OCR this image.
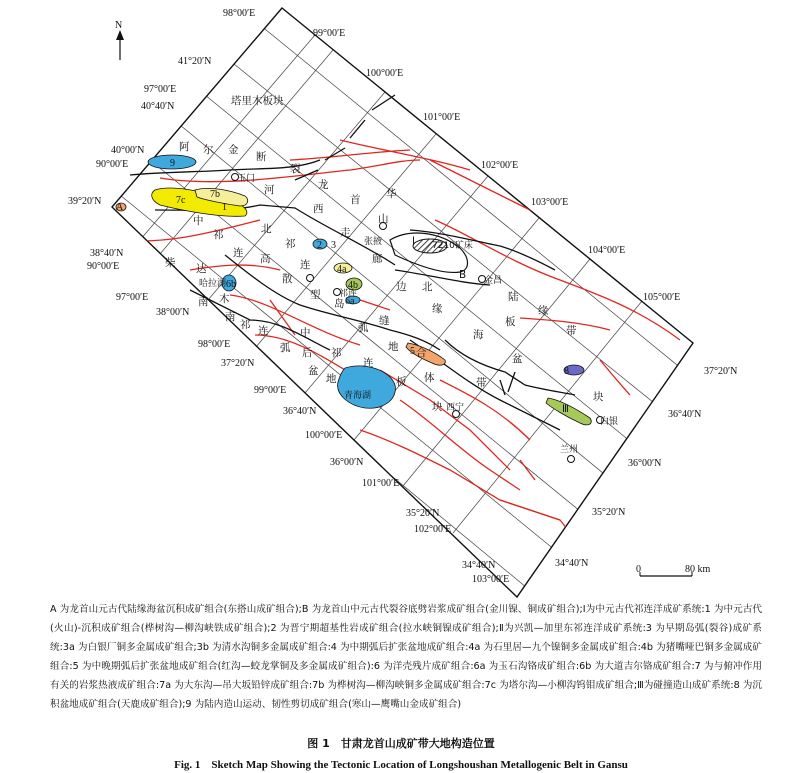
N
0	80 km
98°00′E
99°00′E
100°00′E
101°00′E
102°00′E
103°00′E
104°00′E
105°00′E
41°20′N
97°00′E
40°40′N
40°00′N
90°00′E
39°20′N
38°40′N
90°00′E
97°00′E
38°00′N
98°00′E
37°20′N
99°00′E
36°40′N
100°00′E
36°00′N
101°00′E
35°20′N
102°00′E
34°40′N
103°00′E
37°20′N
36°40′N
36°00′N
35°20′N
34°40′N
塔里木板块
阿 尔 金
断
裂
玉门
河
西
走
廊
龙
首
山
华
张掖	7210矿床
B 金昌
北
边
缘
陆
缘
带
柴 达
木
南
中
祁
连
北
祁
连
高
散
型
岛
弧
祁连
缝
合
体
块
带
海
板
盆
块
哈拉湖
南
祁 连
弧 后
盆
地
中
祁
连
板
地
青海湖
西宁
白银
兰州
9
7c
7b
1
2 3
4a
4b
6a
6b
5
8
A
Ⅲ
Ⅰ
A 为龙首山元古代陆缘海盆沉积成矿组合(东搭山成矿组合);B 为龙首山中元古代裂谷底劈岩浆成矿组合(金川镍、铜成矿组合);Ⅰ为中元古代祁连洋成矿系统:1 为中元古代(火山)-沉积成矿组合(桦树沟—柳沟峡铁成矿组合);2 为晋宁期超基性岩成矿组合(拉水峡铜镍成矿组合);Ⅱ为兴凯—加里东祁连洋成矿系统:3 为早期岛弧(裂谷)成矿系统:3a 为白银厂铜多金属成矿组合;3b 为清水沟铜多金属成矿组合:4 为中期弧后扩张盆地成矿组合:4a 为石里居—九个镍铜多金属成矿组合:4b 为猪嘴哑巴铜多金属成矿组合:5 为中晚期弧后扩张盆地成矿组合(红沟—蛟龙掌铜及多金属成矿组合):6 为洋壳残片成矿组合:6a 为玉石沟铬成矿组合:6b 为大道吉尔铬成矿组合:7 为与俯冲作用有关的岩浆热液成矿组合:7a 为大东沟—吊大坂铅锌成矿组合:7b 为桦树沟—柳沟峡铜多金属成矿组合:7c 为塔尔沟—小柳沟钨钼成矿组合;Ⅲ为碰撞造山成矿系统:8 为沉积盆地成矿组合(天鹿成矿组合);9 为陆内造山运动、韧性剪切成矿组合(寒山—鹰嘴山金成矿组合)
图 1　甘肃龙首山成矿带大地构造位置
Fig. 1　Sketch Map Showing the Tectonic Location of Longshoushan Metallogenic Belt in Gansu
